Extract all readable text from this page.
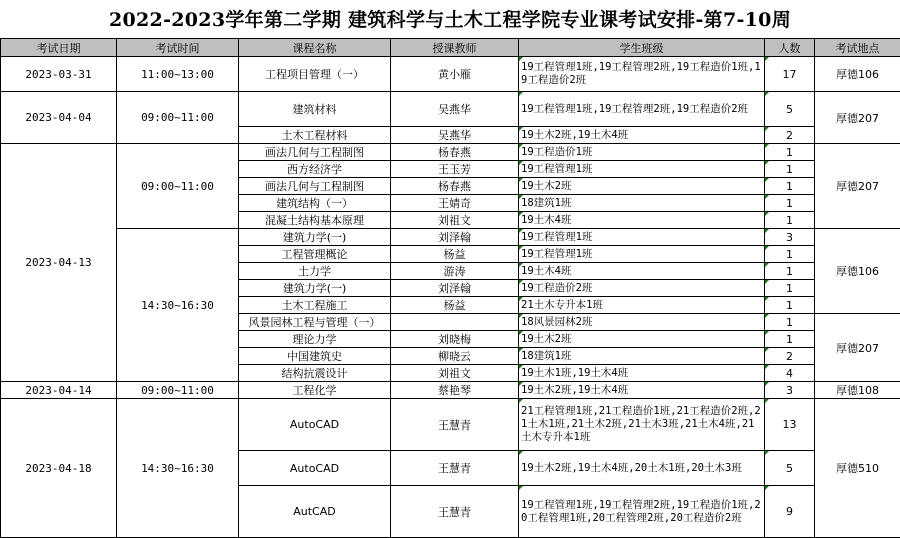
2022-2023学年第二学期 建筑科学与土木工程学院专业课考试安排-第7-10周
考试日期	考试时间	课程名称	授课教师	学生班级	人数	考试地点
2023-03-31	11:00~13:00	工程项目管理（一）	黄小雁	19工程管理1班,19工程管理2班,19工程造价1班,19工程造价2班	17	厚德106
2023-04-04	09:00~11:00	建筑材料	吴燕华	19工程管理1班,19工程管理2班,19工程造价2班	5	厚德207
		土木工程材料	吴燕华	19土木2班,19土木4班	2	
2023-04-13	09:00~11:00	画法几何与工程制图	杨春燕	19工程造价1班	1	厚德207
		西方经济学	王玉芳	19工程管理1班	1	
		画法几何与工程制图	杨春燕	19土木2班	1	
		建筑结构（一）	王婧奇	18建筑1班	1	
		混凝土结构基本原理	刘祖文	19土木4班	1	
	14:30~16:30	建筑力学(一)	刘泽翰	19工程管理1班	3	厚德106
		工程管理概论	杨益	19工程管理1班	1	
		土力学	游涛	19土木4班	1	
		建筑力学(一)	刘泽翰	19工程造价2班	1	
		土木工程施工	杨益	21土木专升本1班	1	
		风景园林工程与管理（一）		18风景园林2班	1	厚德207
		理论力学	刘晓梅	19土木2班	1	
		中国建筑史	柳晓云	18建筑1班	2	
		结构抗震设计	刘祖文	19土木1班,19土木4班	4	
2023-04-14	09:00~11:00	工程化学	蔡艳琴	19土木2班,19土木4班	3	厚德108
2023-04-18	14:30~16:30	AutoCAD	王慧青	21工程管理1班,21工程造价1班,21工程造价2班,21土木1班,21土木2班,21土木3班,21土木4班,21土木专升本1班	13	厚德510
		AutoCAD	王慧青	19土木2班,19土木4班,20土木1班,20土木3班	5	
		AutCAD	王慧青	19工程管理1班,19工程管理2班,19工程造价1班,20工程管理1班,20工程管理2班,20工程造价2班	9	
